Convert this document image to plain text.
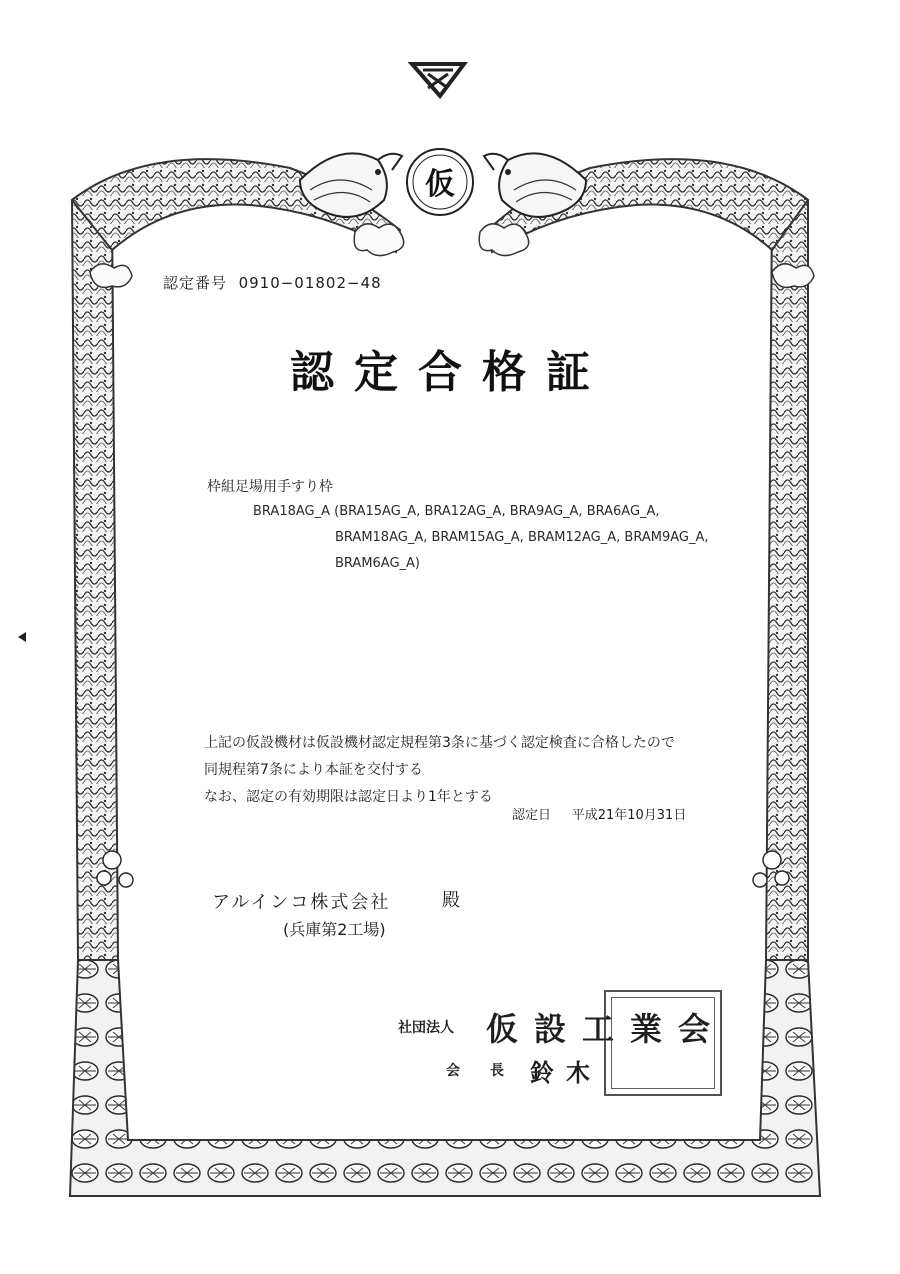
仮
認定番号 0910−01802−48
認定合格証
枠組足場用手すり枠
BRA18AG_A (BRA15AG_A, BRA12AG_A, BRA9AG_A, BRA6AG_A,
BRAM18AG_A, BRAM15AG_A, BRAM12AG_A, BRAM9AG_A,
BRAM6AG_A)
上記の仮設機材は仮設機材認定規程第3条に基づく認定検査に合格したので
同規程第7条により本証を交付する
なお、認定の有効期限は認定日より1年とする
認定日 平成21年10月31日
アルインコ株式会社	殿
(兵庫第2工場)
社団法人 仮設工業会
会長
鈴木
